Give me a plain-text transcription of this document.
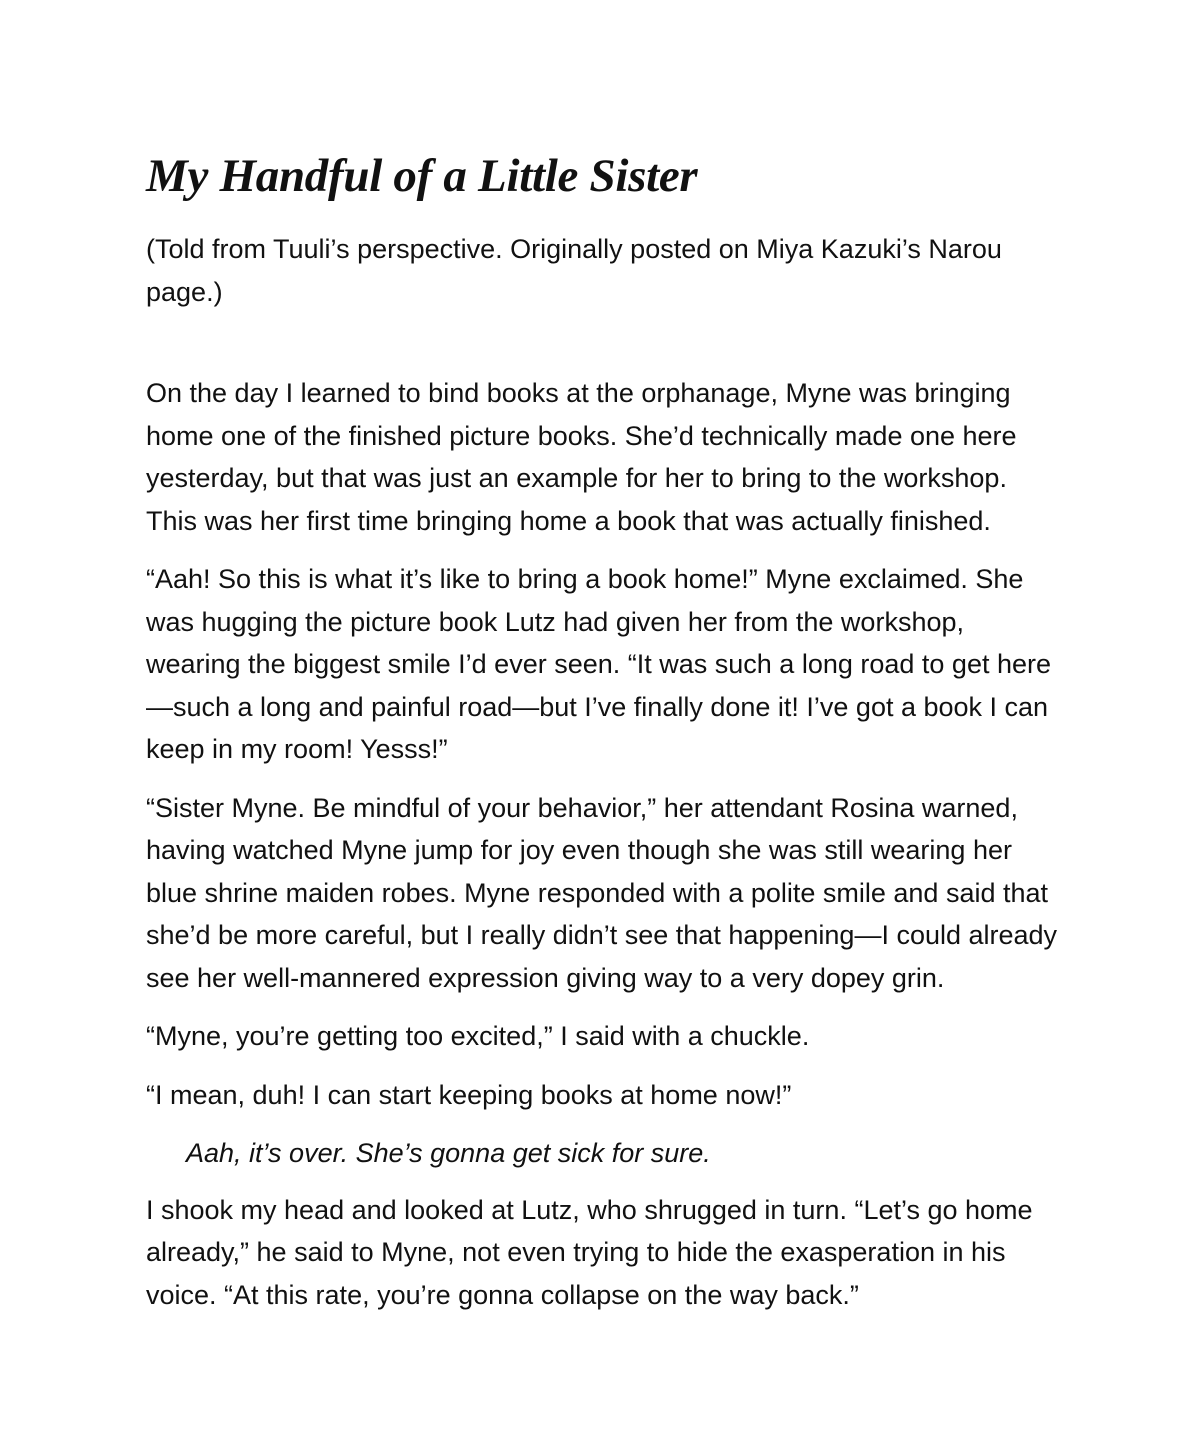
My Handful of a Little Sister

(Told from Tuuli’s perspective. Originally posted on Miya Kazuki’s Narou page.)

On the day I learned to bind books at the orphanage, Myne was bringing home one of the finished picture books. She’d technically made one here yesterday, but that was just an example for her to bring to the workshop. This was her first time bringing home a book that was actually finished.

“Aah! So this is what it’s like to bring a book home!” Myne exclaimed. She was hugging the picture book Lutz had given her from the workshop, wearing the biggest smile I’d ever seen. “It was such a long road to get here—such a long and painful road—but I’ve finally done it! I’ve got a book I can keep in my room! Yesss!”

“Sister Myne. Be mindful of your behavior,” her attendant Rosina warned, having watched Myne jump for joy even though she was still wearing her blue shrine maiden robes. Myne responded with a polite smile and said that she’d be more careful, but I really didn’t see that happening—I could already see her well-mannered expression giving way to a very dopey grin.

“Myne, you’re getting too excited,” I said with a chuckle.

“I mean, duh! I can start keeping books at home now!”

Aah, it’s over. She’s gonna get sick for sure.

I shook my head and looked at Lutz, who shrugged in turn. “Let’s go home already,” he said to Myne, not even trying to hide the exasperation in his voice. “At this rate, you’re gonna collapse on the way back.”
